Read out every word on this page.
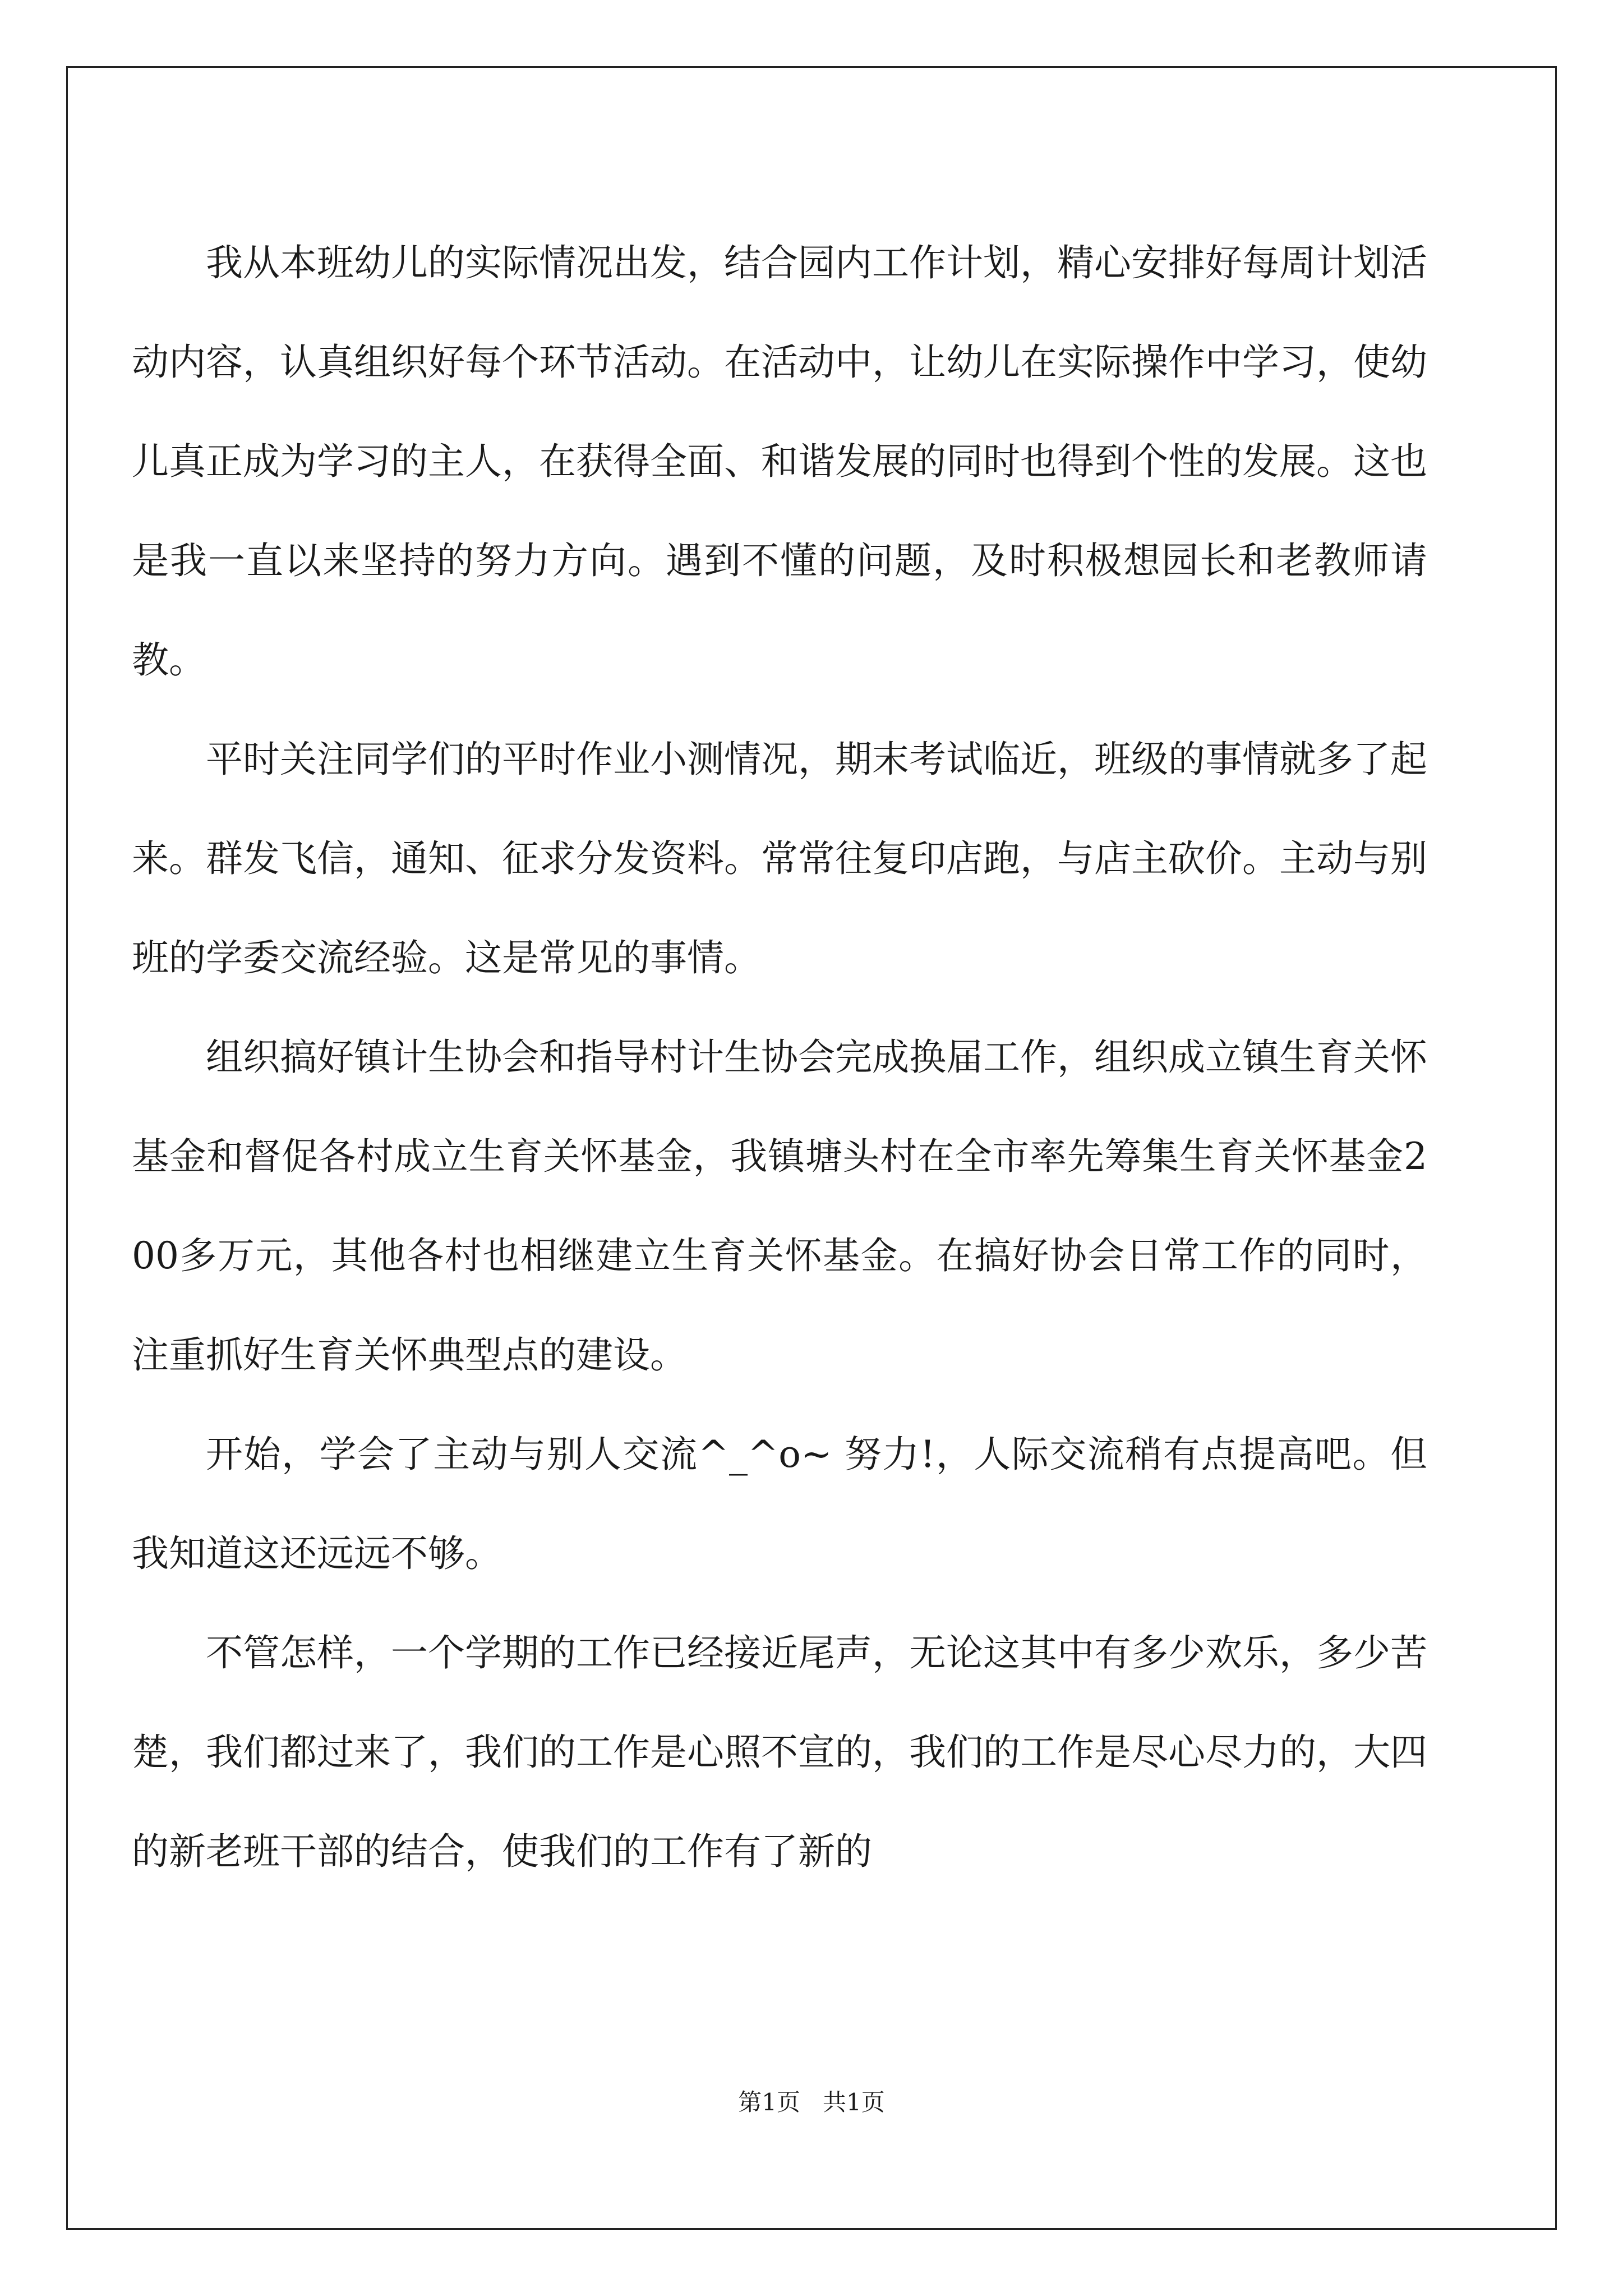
我从本班幼儿的实际情况出发，结合园内工作计划，精心安排好每周计划活动内容，认真组织好每个环节活动。在活动中，让幼儿在实际操作中学习，使幼儿真正成为学习的主人，在获得全面、和谐发展的同时也得到个性的发展。这也是我一直以来坚持的努力方向。遇到不懂的问题，及时积极想园长和老教师请教。

平时关注同学们的平时作业小测情况，期末考试临近，班级的事情就多了起来。群发飞信，通知、征求分发资料。常常往复印店跑，与店主砍价。主动与别班的学委交流经验。这是常见的事情。

组织搞好镇计生协会和指导村计生协会完成换届工作，组织成立镇生育关怀基金和督促各村成立生育关怀基金，我镇塘头村在全市率先筹集生育关怀基金200多万元，其他各村也相继建立生育关怀基金。在搞好协会日常工作的同时，注重抓好生育关怀典型点的建设。

开始，学会了主动与别人交流^_^o~ 努力!，人际交流稍有点提高吧。但我知道这还远远不够。

不管怎样，一个学期的工作已经接近尾声，无论这其中有多少欢乐，多少苦楚，我们都过来了，我们的工作是心照不宣的，我们的工作是尽心尽力的，大四的新老班干部的结合，使我们的工作有了新的

第1页 共1页
